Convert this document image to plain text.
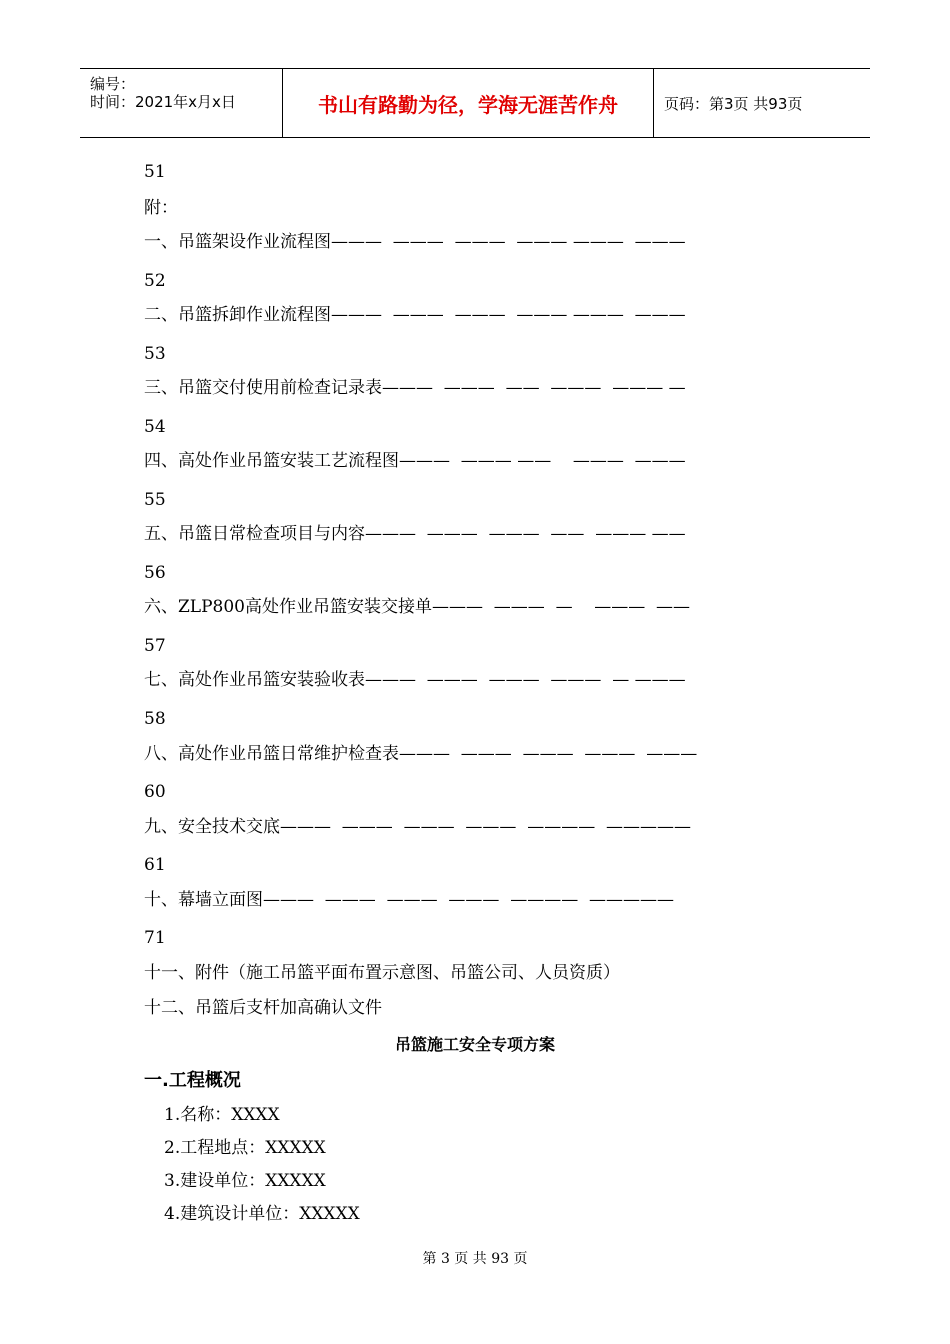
编号：
时间：2021年x月x日	书山有路勤为径，学海无涯苦作舟	页码：第3页 共93页
51
附：
一、吊篮架设作业流程图———  ———  ———  ——— ———  ———
52
二、吊篮拆卸作业流程图———  ———  ———  ——— ———  ———
53
三、吊篮交付使用前检查记录表———  ———  ——  ———  ——— —
54
四、高处作业吊篮安装工艺流程图———  ——— ——    ———  ———
55
五、吊篮日常检查项目与内容———  ———  ———  ——  ——— ——
56
六、ZLP800高处作业吊篮安装交接单———  ———  —    ———  ——
57
七、高处作业吊篮安装验收表———  ———  ———  ———  — ———
58
八、高处作业吊篮日常维护检查表———  ———  ———  ———  ———
60
九、安全技术交底———  ———  ———  ———  ————  —————
61
十、幕墙立面图———  ———  ———  ———  ————  —————
71
十一、附件（施工吊篮平面布置示意图、吊篮公司、人员资质）
十二、吊篮后支杆加高确认文件
吊篮施工安全专项方案
一.工程概况
1.名称：XXXX
2.工程地点：XXXXX
3.建设单位：XXXXX
4.建筑设计单位：XXXXX
第 3 页 共 93 页
